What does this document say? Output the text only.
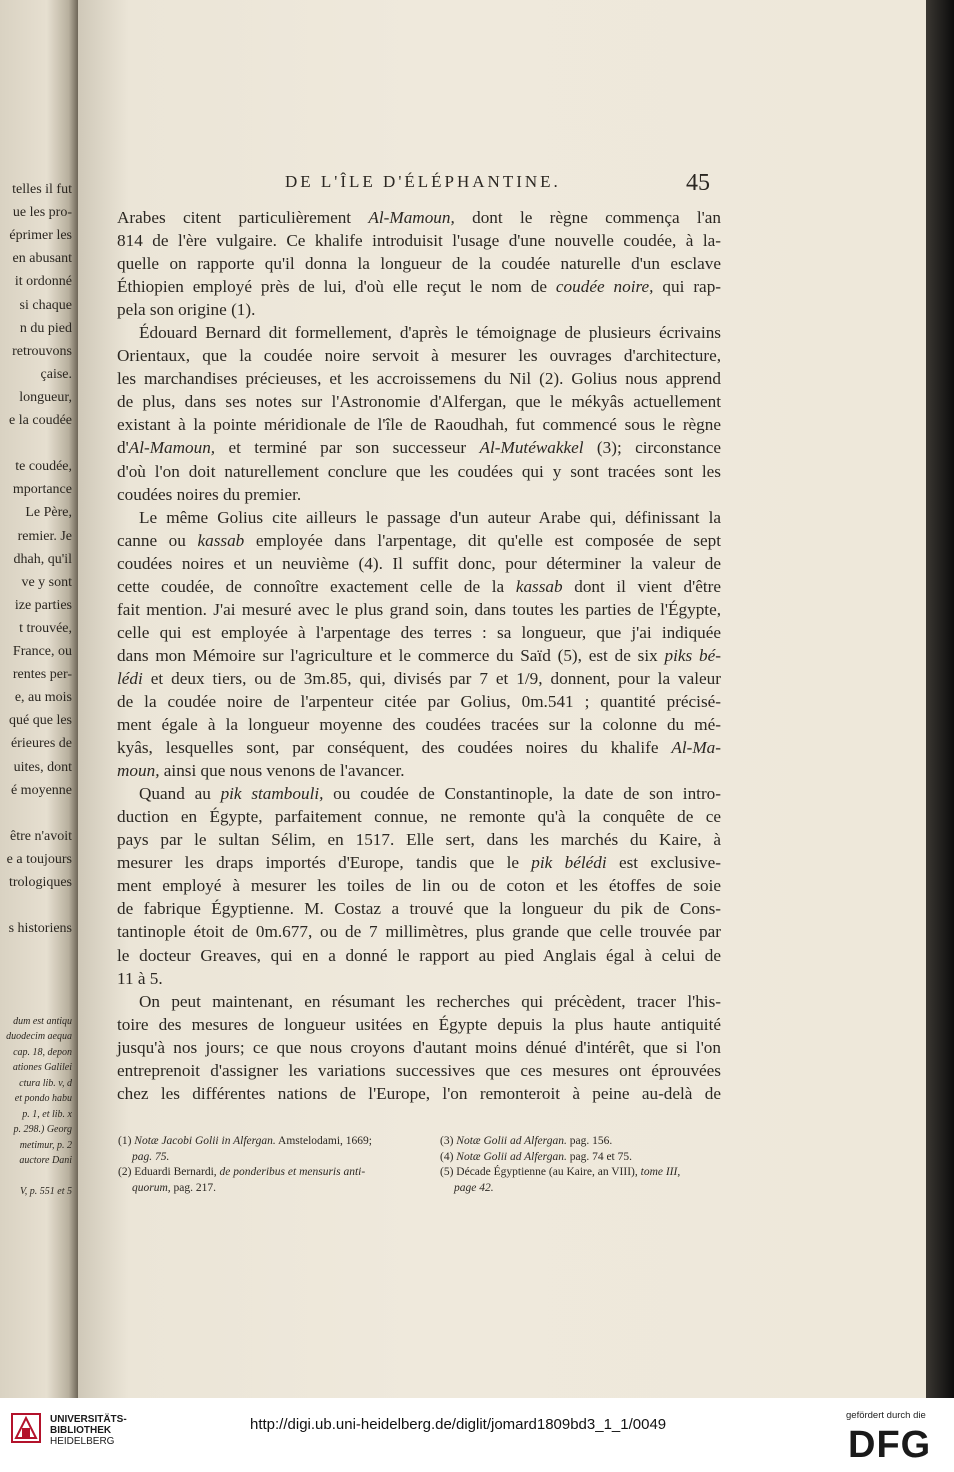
telles il fut
ue les pro-
éprimer les
en abusant
it ordonné
si chaque
n du pied
retrouvons
çaise.
longueur,
e la coudée
te coudée,
mportance
Le Père,
remier. Je
dhah, qu'il
ve y sont
ize parties
t trouvée,
France, ou
rentes per-
e, au mois
qué que les
érieures de
uites, dont
é moyenne
être n'avoit
e a toujours
trologiques
s historiens
dum est antiqu
duodecim aequa
cap. 18, depon
ationes Galilei
ctura lib. v, d
et pondo habu
p. 1, et lib. x
p. 298.) Georg
metimur, p. 2
auctore Dani
V, p. 551 et 5
DE L'ÎLE D'ÉLÉPHANTINE.	45
Arabes citent particulièrement Al-Mamoun, dont le règne commença l'an
814 de l'ère vulgaire. Ce khalife introduisit l'usage d'une nouvelle coudée, à la-
quelle on rapporte qu'il donna la longueur de la coudée naturelle d'un esclave
Éthiopien employé près de lui, d'où elle reçut le nom de coudée noire, qui rap-
pela son origine (1).
Édouard Bernard dit formellement, d'après le témoignage de plusieurs écrivains
Orientaux, que la coudée noire servoit à mesurer les ouvrages d'architecture,
les marchandises précieuses, et les accroissemens du Nil (2). Golius nous apprend
de plus, dans ses notes sur l'Astronomie d'Alfergan, que le mékyâs actuellement
existant à la pointe méridionale de l'île de Raoudhah, fut commencé sous le règne
d'Al-Mamoun, et terminé par son successeur Al-Mutéwakkel (3); circonstance
d'où l'on doit naturellement conclure que les coudées qui y sont tracées sont les
coudées noires du premier.
Le même Golius cite ailleurs le passage d'un auteur Arabe qui, définissant la
canne ou kassab employée dans l'arpentage, dit qu'elle est composée de sept
coudées noires et un neuvième (4). Il suffit donc, pour déterminer la valeur de
cette coudée, de connoître exactement celle de la kassab dont il vient d'être
fait mention. J'ai mesuré avec le plus grand soin, dans toutes les parties de l'Égypte,
celle qui est employée à l'arpentage des terres : sa longueur, que j'ai indiquée
dans mon Mémoire sur l'agriculture et le commerce du Saïd (5), est de six piks bé-
lédi et deux tiers, ou de 3m.85, qui, divisés par 7 et 1/9, donnent, pour la valeur
de la coudée noire de l'arpenteur citée par Golius, 0m.541 ; quantité précisé-
ment égale à la longueur moyenne des coudées tracées sur la colonne du mé-
kyâs, lesquelles sont, par conséquent, des coudées noires du khalife Al-Ma-
moun, ainsi que nous venons de l'avancer.
Quand au pik stambouli, ou coudée de Constantinople, la date de son intro-
duction en Égypte, parfaitement connue, ne remonte qu'à la conquête de ce
pays par le sultan Sélim, en 1517. Elle sert, dans les marchés du Kaire, à
mesurer les draps importés d'Europe, tandis que le pik bélédi est exclusive-
ment employé à mesurer les toiles de lin ou de coton et les étoffes de soie
de fabrique Égyptienne. M. Costaz a trouvé que la longueur du pik de Cons-
tantinople étoit de 0m.677, ou de 7 millimètres, plus grande que celle trouvée par
le docteur Greaves, qui en a donné le rapport au pied Anglais égal à celui de
11 à 5.
On peut maintenant, en résumant les recherches qui précèdent, tracer l'his-
toire des mesures de longueur usitées en Égypte depuis la plus haute antiquité
jusqu'à nos jours; ce que nous croyons d'autant moins dénué d'intérêt, que si l'on
entreprenoit d'assigner les variations successives que ces mesures ont éprouvées
chez les différentes nations de l'Europe, l'on remonteroit à peine au-delà de
(1) Notæ Jacobi Golii in Alfergan. Amstelodami, 1669;
pag. 75.
(2) Eduardi Bernardi, de ponderibus et mensuris anti-
quorum, pag. 217.
(3) Notæ Golii ad Alfergan. pag. 156.
(4) Notæ Golii ad Alfergan. pag. 74 et 75.
(5) Décade Égyptienne (au Kaire, an VIII), tome III,
page 42.
UNIVERSITÄTS-
BIBLIOTHEK
HEIDELBERG
http://digi.ub.uni-heidelberg.de/diglit/jomard1809bd3_1_1/0049
gefördert durch die
DFG
